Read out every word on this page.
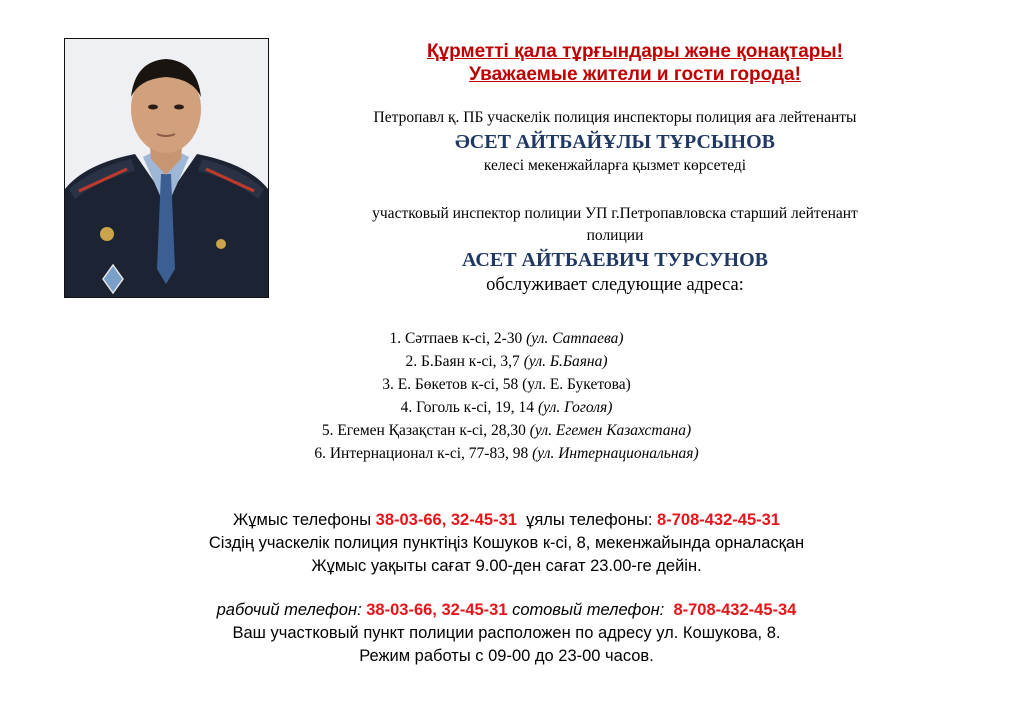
Құрметті қала тұрғындары және қонақтары!
Уважаемые жители и гости города!
Петропавл қ. ПБ учаскелік полиция инспекторы полиция аға лейтенанты
ӘСЕТ АЙТБАЙҰЛЫ ТҰРСЫНОВ
келесі мекенжайларға қызмет көрсетеді
участковый инспектор полиции УП г.Петропавловска старший лейтенант
полиции
АСЕТ АЙТБАЕВИЧ ТУРСУНОВ
обслуживает следующие адреса:
1. Сәтпаев к-сі, 2-30 (ул. Сатпаева)
2. Б.Баян к-сі, 3,7 (ул. Б.Баяна)
3. Е. Бөкетов к-сі, 58 (ул. Е. Букетова)
4. Гоголь к-сі, 19, 14 (ул. Гоголя)
5. Егемен Қазақстан к-сі, 28,30 (ул. Егемен Казахстана)
6. Интернационал к-сі, 77-83, 98 (ул. Интернациональная)
Жұмыс телефоны 38-03-66, 32-45-31  ұялы телефоны: 8-708-432-45-31
Сіздің учаскелік полиция пунктіңіз Кошуков к-сі, 8, мекенжайында орналасқан
Жұмыс уақыты сағат 9.00-ден сағат 23.00-ге дейін.
рабочий телефон: 38-03-66, 32-45-31 сотовый телефон:  8-708-432-45-34
Ваш участковый пункт полиции расположен по адресу ул. Кошукова, 8.
Режим работы с 09-00 до 23-00 часов.
